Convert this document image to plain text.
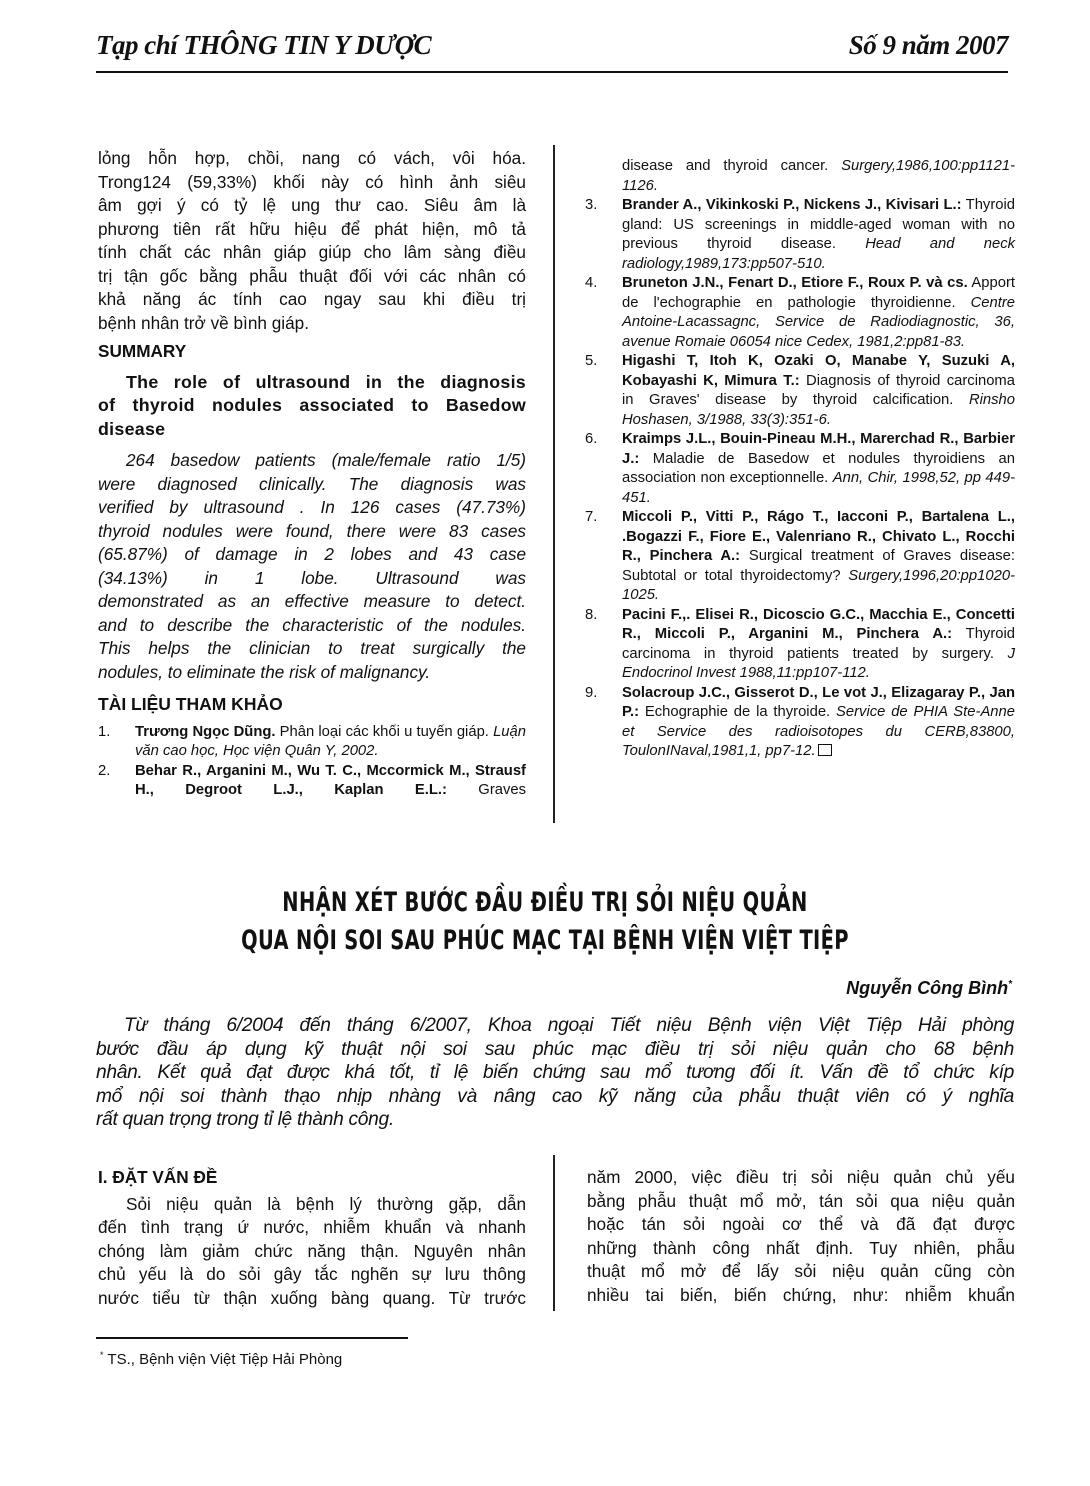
Tạp chí THÔNG TIN Y DƯỢC	Số 9 năm 2007
lỏng hỗn hợp, chồi, nang có vách, vôi hóa.
Trong124 (59,33%) khối này có hình ảnh siêu
âm gợi ý có tỷ lệ ung thư cao. Siêu âm là
phương tiên rất hữu hiệu để phát hiện, mô tả
tính chất các nhân giáp giúp cho lâm sàng điều
trị tận gốc bằng phẫu thuật đối với các nhân có
khả năng ác tính cao ngay sau khi điều trị
bệnh nhân trở về bình giáp.
SUMMARY
The role of ultrasound in the diagnosis
of thyroid nodules associated to Basedow
disease
264 basedow patients (male/female ratio 1/5)
were diagnosed clinically. The diagnosis was
verified by ultrasound . In 126 cases (47.73%)
thyroid nodules were found, there were 83 cases
(65.87%) of damage in 2 lobes and 43 case
(34.13%) in 1 lobe. Ultrasound was
demonstrated as an effective measure to detect.
and to describe the characteristic of the nodules.
This helps the clinician to treat surgically the
nodules, to eliminate the risk of malignancy.
TÀI LIỆU THAM KHẢO
1. Trương Ngọc Dũng. Phân loại các khối u tuyến giáp. Luận văn cao học, Học viện Quân Y, 2002.
2. Behar R., Arganini M., Wu T. C., Mccormick M., Strausf H., Degroot L.J., Kaplan E.L.: Graves
disease and thyroid cancer. Surgery,1986,100:pp1121-1126.
3. Brander A., Vikinkoski P., Nickens J., Kivisari L.: Thyroid gland: US screenings in middle-aged woman with no previous thyroid disease. Head and neck radiology,1989,173:pp507-510.
4. Bruneton J.N., Fenart D., Etiore F., Roux P. và cs. Apport de l'echographie en pathologie thyroidienne. Centre Antoine-Lacassagnc, Service de Radiodiagnostic, 36, avenue Romaie 06054 nice Cedex, 1981,2:pp81-83.
5. Higashi T, Itoh K, Ozaki O, Manabe Y, Suzuki A, Kobayashi K, Mimura T.: Diagnosis of thyroid carcinoma in Graves' disease by thyroid calcification. Rinsho Hoshasen, 3/1988, 33(3):351-6.
6. Kraimps J.L., Bouin-Pineau M.H., Marerchad R., Barbier J.: Maladie de Basedow et nodules thyroidiens an association non exceptionnelle. Ann, Chir, 1998,52, pp 449-451.
7. Miccoli P., Vitti P., Rágo T., Iacconi P., Bartalena L., .Bogazzi F., Fiore E., Valenriano R., Chivato L., Rocchi R., Pinchera A.: Surgical treatment of Graves disease: Subtotal or total thyroidectomy? Surgery,1996,20:pp1020-1025.
8. Pacini F.,. Elisei R., Dicoscio G.C., Macchia E., Concetti R., Miccoli P., Arganini M., Pinchera A.: Thyroid carcinoma in thyroid patients treated by surgery. J Endocrinol Invest 1988,11:pp107-112.
9. Solacroup J.C., Gisserot D., Le vot J., Elizagaray P., Jan P.: Echographie de la thyroide. Service de PHIA Ste-Anne et Service des radioisotopes du CERB,83800, ToulonINaval,1981,1, pp7-12.
NHẬN XÉT BƯỚC ĐẦU ĐIỀU TRỊ SỎI NIỆU QUẢN
QUA NỘI SOI SAU PHÚC MẠC TẠI BỆNH VIỆN VIỆT TIỆP
Nguyễn Công Bình*
Từ tháng 6/2004 đến tháng 6/2007, Khoa ngoại Tiết niệu Bệnh viện Việt Tiệp Hải phòng
bước đầu áp dụng kỹ thuật nội soi sau phúc mạc điều trị sỏi niệu quản cho 68 bệnh
nhân. Kết quả đạt được khá tốt, tỉ lệ biến chứng sau mổ tương đối ít. Vấn đề tổ chức kíp
mổ nội soi thành thạo nhịp nhàng và nâng cao kỹ năng của phẫu thuật viên có ý nghĩa
rất quan trọng trong tỉ lệ thành công.
I. ĐẶT VẤN ĐỀ
Sỏi niệu quản là bệnh lý thường gặp, dẫn
đến tình trạng ứ nước, nhiễm khuẩn và nhanh
chóng làm giảm chức năng thận. Nguyên nhân
chủ yếu là do sỏi gây tắc nghẽn sự lưu thông
nước tiểu từ thận xuống bàng quang. Từ trước
năm 2000, việc điều trị sỏi niệu quản chủ yếu
bằng phẫu thuật mổ mở, tán sỏi qua niệu quản
hoặc tán sỏi ngoài cơ thể và đã đạt được
những thành công nhất định. Tuy nhiên, phẫu
thuật mổ mở để lấy sỏi niệu quản cũng còn
nhiều tai biến, biến chứng, như: nhiễm khuẩn
* TS., Bệnh viện Việt Tiệp Hải Phòng
